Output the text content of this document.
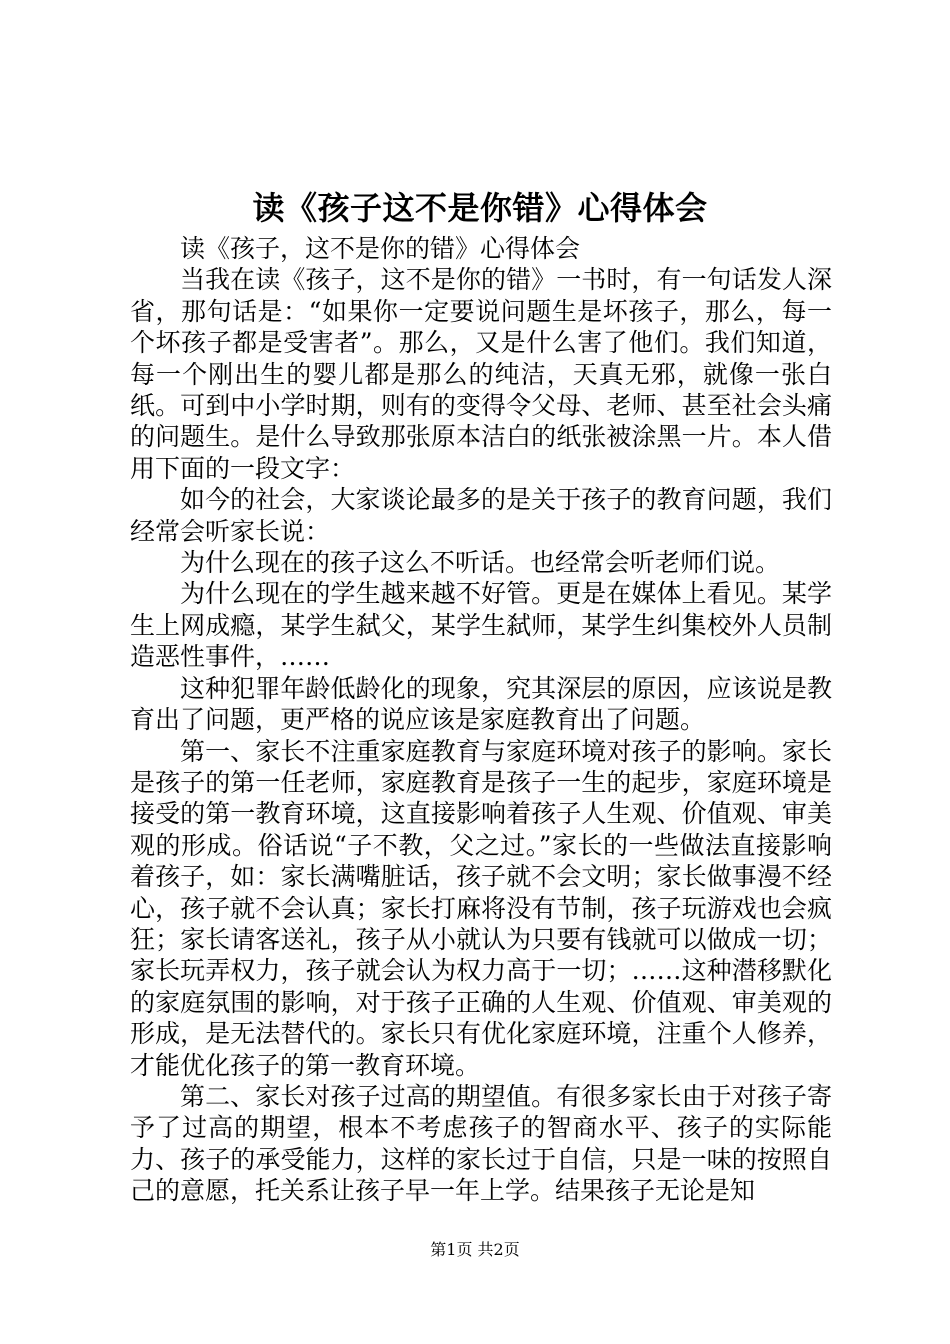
读《孩子这不是你错》心得体会

读《孩子，这不是你的错》心得体会

当我在读《孩子，这不是你的错》一书时，有一句话发人深省，那句话是：“如果你一定要说问题生是坏孩子，那么，每一个坏孩子都是受害者”。那么，又是什么害了他们。我们知道，每一个刚出生的婴儿都是那么的纯洁，天真无邪，就像一张白纸。可到中小学时期，则有的变得令父母、老师、甚至社会头痛的问题生。是什么导致那张原本洁白的纸张被涂黑一片。本人借用下面的一段文字：

如今的社会，大家谈论最多的是关于孩子的教育问题，我们经常会听家长说：

为什么现在的孩子这么不听话。也经常会听老师们说。

为什么现在的学生越来越不好管。更是在媒体上看见。某学生上网成瘾，某学生弑父，某学生弑师，某学生纠集校外人员制造恶性事件，……

这种犯罪年龄低龄化的现象，究其深层的原因，应该说是教育出了问题，更严格的说应该是家庭教育出了问题。

第一、家长不注重家庭教育与家庭环境对孩子的影响。家长是孩子的第一任老师，家庭教育是孩子一生的起步，家庭环境是接受的第一教育环境，这直接影响着孩子人生观、价值观、审美观的形成。俗话说“子不教，父之过。”家长的一些做法直接影响着孩子，如：家长满嘴脏话，孩子就不会文明；家长做事漫不经心，孩子就不会认真；家长打麻将没有节制，孩子玩游戏也会疯狂；家长请客送礼，孩子从小就认为只要有钱就可以做成一切；家长玩弄权力，孩子就会认为权力高于一切；……这种潜移默化的家庭氛围的影响，对于孩子正确的人生观、价值观、审美观的形成，是无法替代的。家长只有优化家庭环境，注重个人修养，才能优化孩子的第一教育环境。

第二、家长对孩子过高的期望值。有很多家长由于对孩子寄予了过高的期望，根本不考虑孩子的智商水平、孩子的实际能力、孩子的承受能力，这样的家长过于自信，只是一味的按照自己的意愿，托关系让孩子早一年上学。结果孩子无论是知

第1页 共2页
